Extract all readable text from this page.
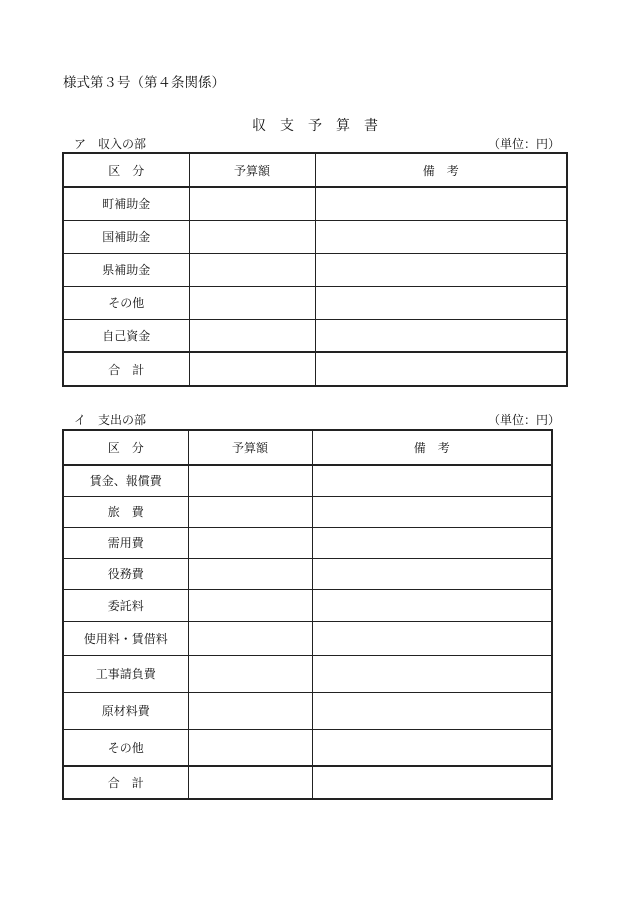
様式第３号（第４条関係）
収　支　予　算　書
ア　収入の部	（単位：円）
区　分	予算額	備　考
町補助金		
国補助金		
県補助金		
その他		
自己資金		
合　計		
イ　支出の部	（単位：円）
区　分	予算額	備　考
賃金、報償費		
旅　費		
需用費		
役務費		
委託料		
使用料・賃借料		
工事請負費		
原材料費		
その他		
合　計		
